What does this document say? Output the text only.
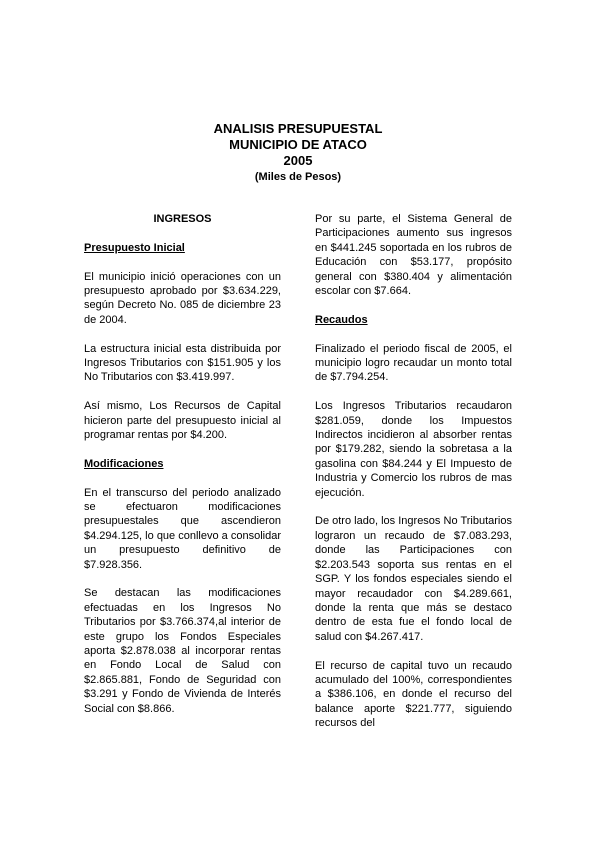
ANALISIS PRESUPUESTAL
MUNICIPIO DE ATACO
2005
(Miles de Pesos)
INGRESOS
Presupuesto Inicial

El municipio inició operaciones con un presupuesto aprobado por $3.634.229, según Decreto No. 085 de diciembre 23 de 2004.

La estructura inicial esta distribuida por Ingresos Tributarios con $151.905 y los No Tributarios con $3.419.997.

Así mismo, Los Recursos de Capital hicieron parte del presupuesto inicial al programar rentas por $4.200.

Modificaciones

En el transcurso del periodo analizado se efectuaron modificaciones presupuestales que ascendieron $4.294.125, lo que conllevo a consolidar un presupuesto definitivo de $7.928.356.

Se destacan las modificaciones efectuadas en los Ingresos No Tributarios por $3.766.374,al interior de este grupo los Fondos Especiales aporta $2.878.038 al incorporar rentas en Fondo Local de Salud con $2.865.881, Fondo de Seguridad con $3.291 y Fondo de Vivienda de Interés Social con $8.866.

Por su parte, el Sistema General de Participaciones aumento sus ingresos en $441.245 soportada en los rubros de Educación con $53.177, propósito general con $380.404 y alimentación escolar con $7.664.

Recaudos

Finalizado el periodo fiscal de 2005, el municipio logro recaudar un monto total de $7.794.254.

Los Ingresos Tributarios recaudaron $281.059, donde los Impuestos Indirectos incidieron al absorber rentas por $179.282, siendo la sobretasa a la gasolina con $84.244 y El Impuesto de Industria y Comercio los rubros de mas ejecución.

De otro lado, los Ingresos No Tributarios lograron un recaudo de $7.083.293, donde las Participaciones con $2.203.543 soporta sus rentas en el SGP. Y los fondos especiales siendo el mayor recaudador con $4.289.661, donde la renta que más se destaco dentro de esta fue el fondo local de salud con $4.267.417.

El recurso de capital tuvo un recaudo acumulado del 100%, correspondientes a $386.106, en donde el recurso del balance aporte $221.777, siguiendo recursos del
